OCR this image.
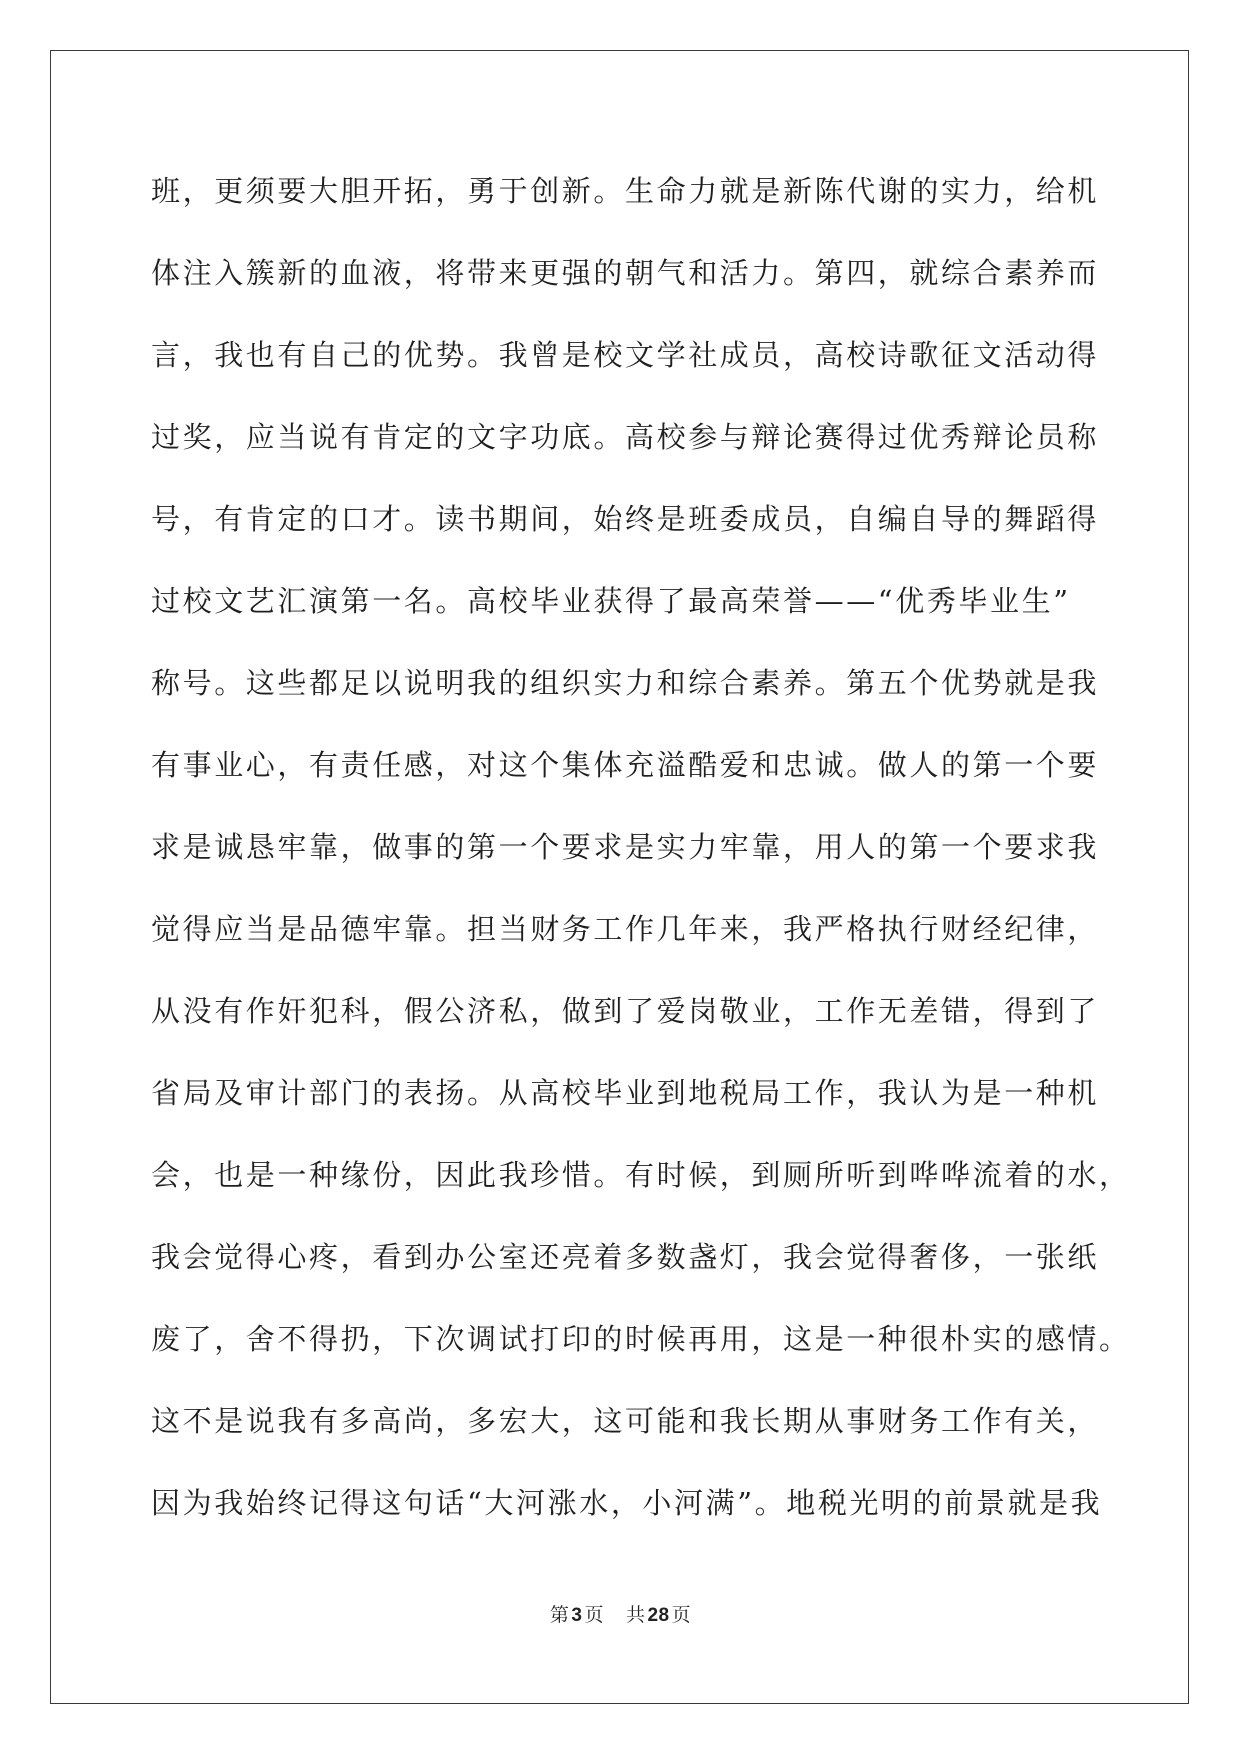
班，更须要大胆开拓，勇于创新。生命力就是新陈代谢的实力，给机
体注入簇新的血液，将带来更强的朝气和活力。第四，就综合素养而
言，我也有自己的优势。我曾是校文学社成员，高校诗歌征文活动得
过奖，应当说有肯定的文字功底。高校参与辩论赛得过优秀辩论员称
号，有肯定的口才。读书期间，始终是班委成员，自编自导的舞蹈得
过校文艺汇演第一名。高校毕业获得了最高荣誉——“优秀毕业生”
称号。这些都足以说明我的组织实力和综合素养。第五个优势就是我
有事业心，有责任感，对这个集体充溢酷爱和忠诚。做人的第一个要
求是诚恳牢靠，做事的第一个要求是实力牢靠，用人的第一个要求我
觉得应当是品德牢靠。担当财务工作几年来，我严格执行财经纪律，
从没有作奸犯科，假公济私，做到了爱岗敬业，工作无差错，得到了
省局及审计部门的表扬。从高校毕业到地税局工作，我认为是一种机
会，也是一种缘份，因此我珍惜。有时候，到厕所听到哗哗流着的水，
我会觉得心疼，看到办公室还亮着多数盏灯，我会觉得奢侈，一张纸
废了，舍不得扔，下次调试打印的时候再用，这是一种很朴实的感情。
这不是说我有多高尚，多宏大，这可能和我长期从事财务工作有关，
因为我始终记得这句话“大河涨水，小河满”。地税光明的前景就是我
第 3 页 共 28 页
